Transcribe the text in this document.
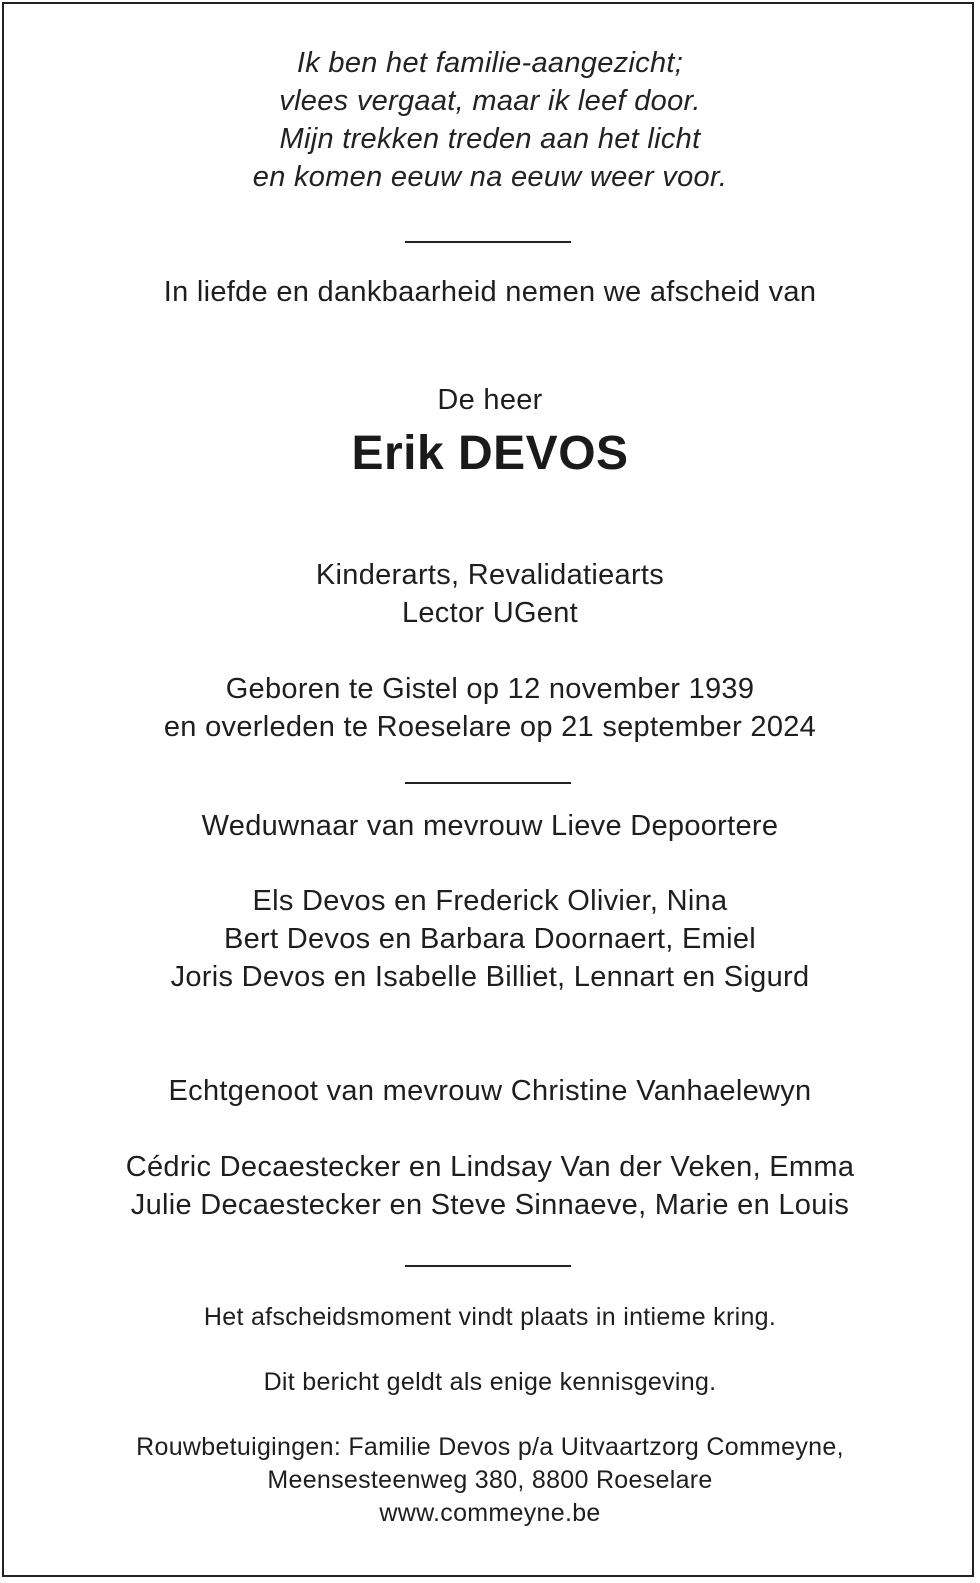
Ik ben het familie-aangezicht;
vlees vergaat, maar ik leef door.
Mijn trekken treden aan het licht
en komen eeuw na eeuw weer voor.
In liefde en dankbaarheid nemen we afscheid van
De heer
Erik DEVOS
Kinderarts, Revalidatiearts
Lector UGent
Geboren te Gistel op 12 november 1939
en overleden te Roeselare op 21 september 2024
Weduwnaar van mevrouw Lieve Depoortere
Els Devos en Frederick Olivier, Nina
Bert Devos en Barbara Doornaert, Emiel
Joris Devos en Isabelle Billiet, Lennart en Sigurd
Echtgenoot van mevrouw Christine Vanhaelewyn
Cédric Decaestecker en Lindsay Van der Veken, Emma
Julie Decaestecker en Steve Sinnaeve, Marie en Louis
Het afscheidsmoment vindt plaats in intieme kring.
Dit bericht geldt als enige kennisgeving.
Rouwbetuigingen: Familie Devos p/a Uitvaartzorg Commeyne,
Meensesteenweg 380, 8800 Roeselare
www.commeyne.be
